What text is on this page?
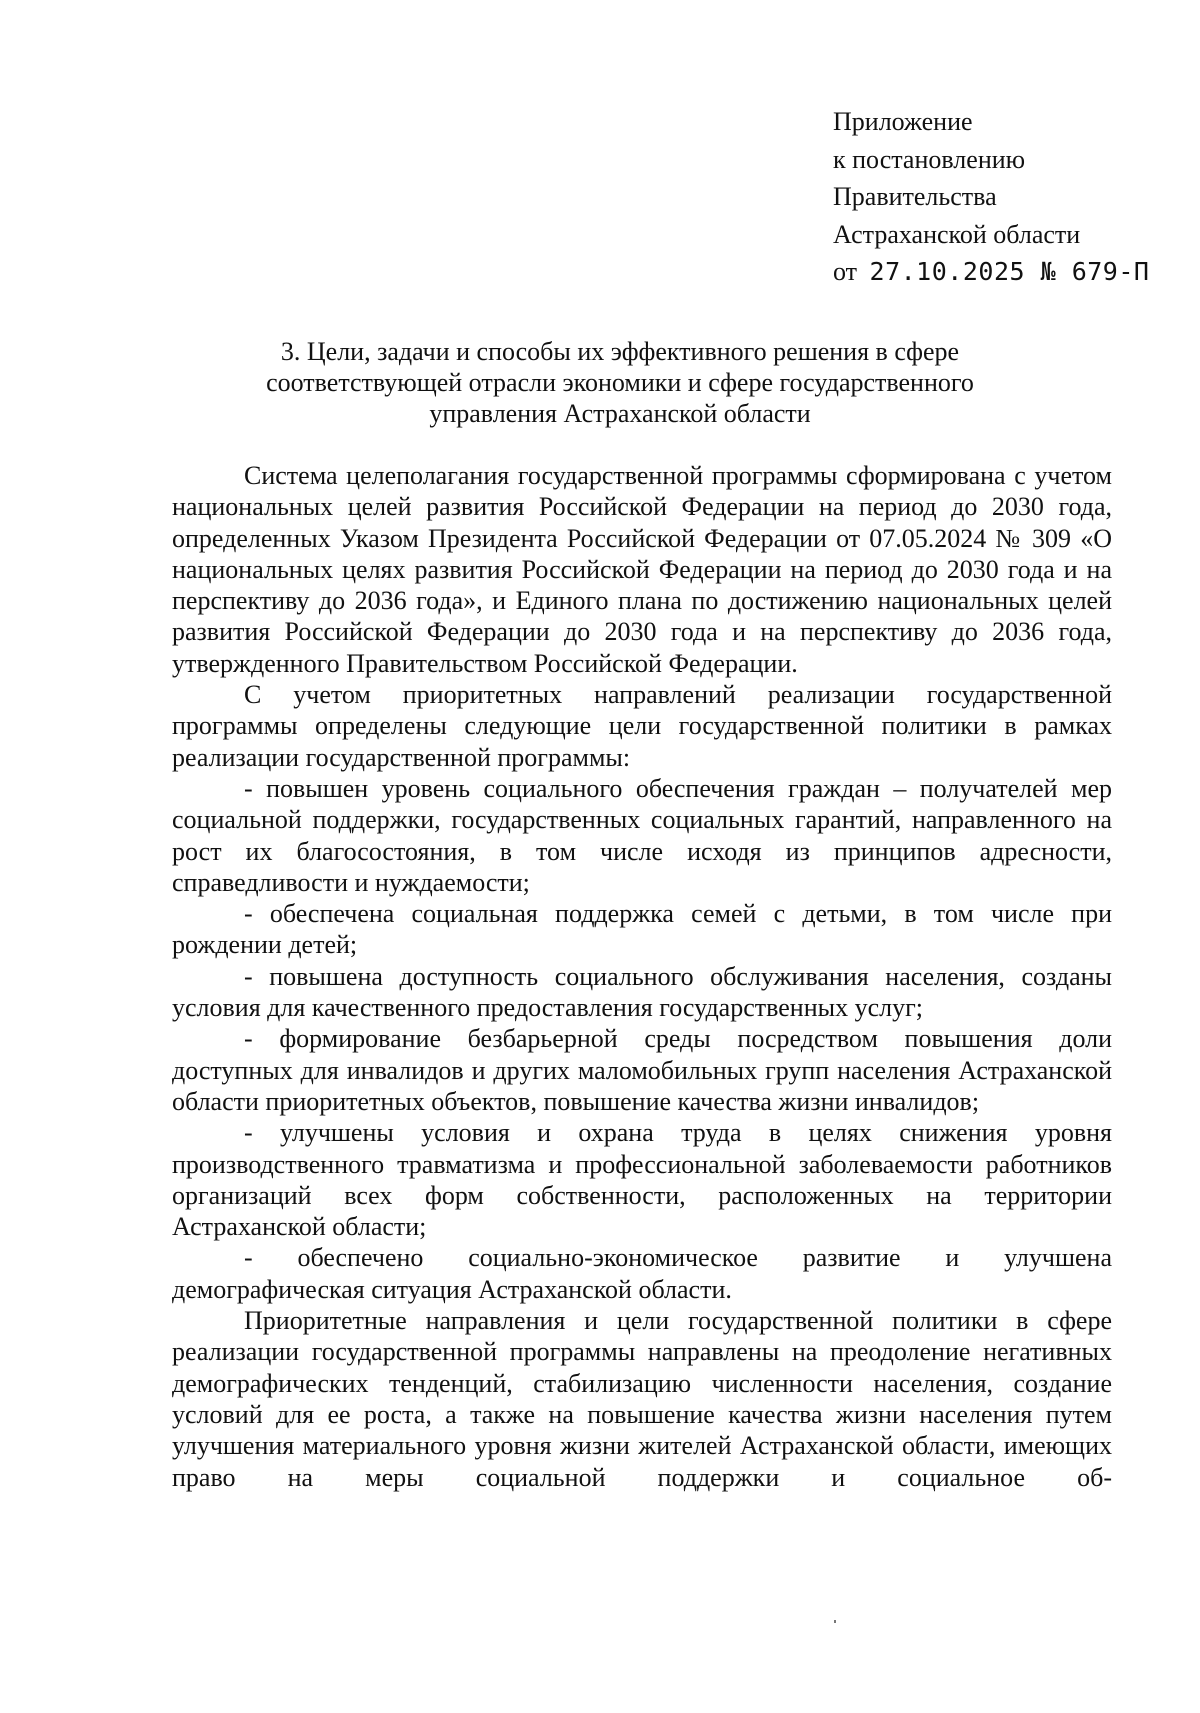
Приложение
к постановлению
Правительства
Астраханской области
от 27.10.2025 № 679-П
3. Цели, задачи и способы их эффективного решения в сфере
соответствующей отрасли экономики и сфере государственного
управления Астраханской области

Система целеполагания государственной программы сформирована с учетом национальных целей развития Российской Федерации на период до 2030 года, определенных Указом Президента Российской Федерации от 07.05.2024 № 309 «О национальных целях развития Российской Федерации на период до 2030 года и на перспективу до 2036 года», и Единого плана по достижению национальных целей развития Российской Федерации до 2030 года и на перспективу до 2036 года, утвержденного Правительством Российской Федерации.

С учетом приоритетных направлений реализации государственной программы определены следующие цели государственной политики в рамках реализации государственной программы:

- повышен уровень социального обеспечения граждан – получателей мер социальной поддержки, государственных социальных гарантий, направленного на рост их благосостояния, в том числе исходя из принципов адресности, справедливости и нуждаемости;

- обеспечена социальная поддержка семей с детьми, в том числе при рождении детей;

- повышена доступность социального обслуживания населения, созданы условия для качественного предоставления государственных услуг;

- формирование безбарьерной среды посредством повышения доли доступных для инвалидов и других маломобильных групп населения Астраханской области приоритетных объектов, повышение качества жизни инвалидов;

- улучшены условия и охрана труда в целях снижения уровня производственного травматизма и профессиональной заболеваемости работников организаций всех форм собственности, расположенных на территории Астраханской области;

- обеспечено социально-экономическое развитие и улучшена демографическая ситуация Астраханской области.

Приоритетные направления и цели государственной политики в сфере реализации государственной программы направлены на преодоление негативных демографических тенденций, стабилизацию численности населения, создание условий для ее роста, а также на повышение качества жизни населения путем улучшения материального уровня жизни жителей Астраханской области, имеющих право на меры социальной поддержки и социальное об-
